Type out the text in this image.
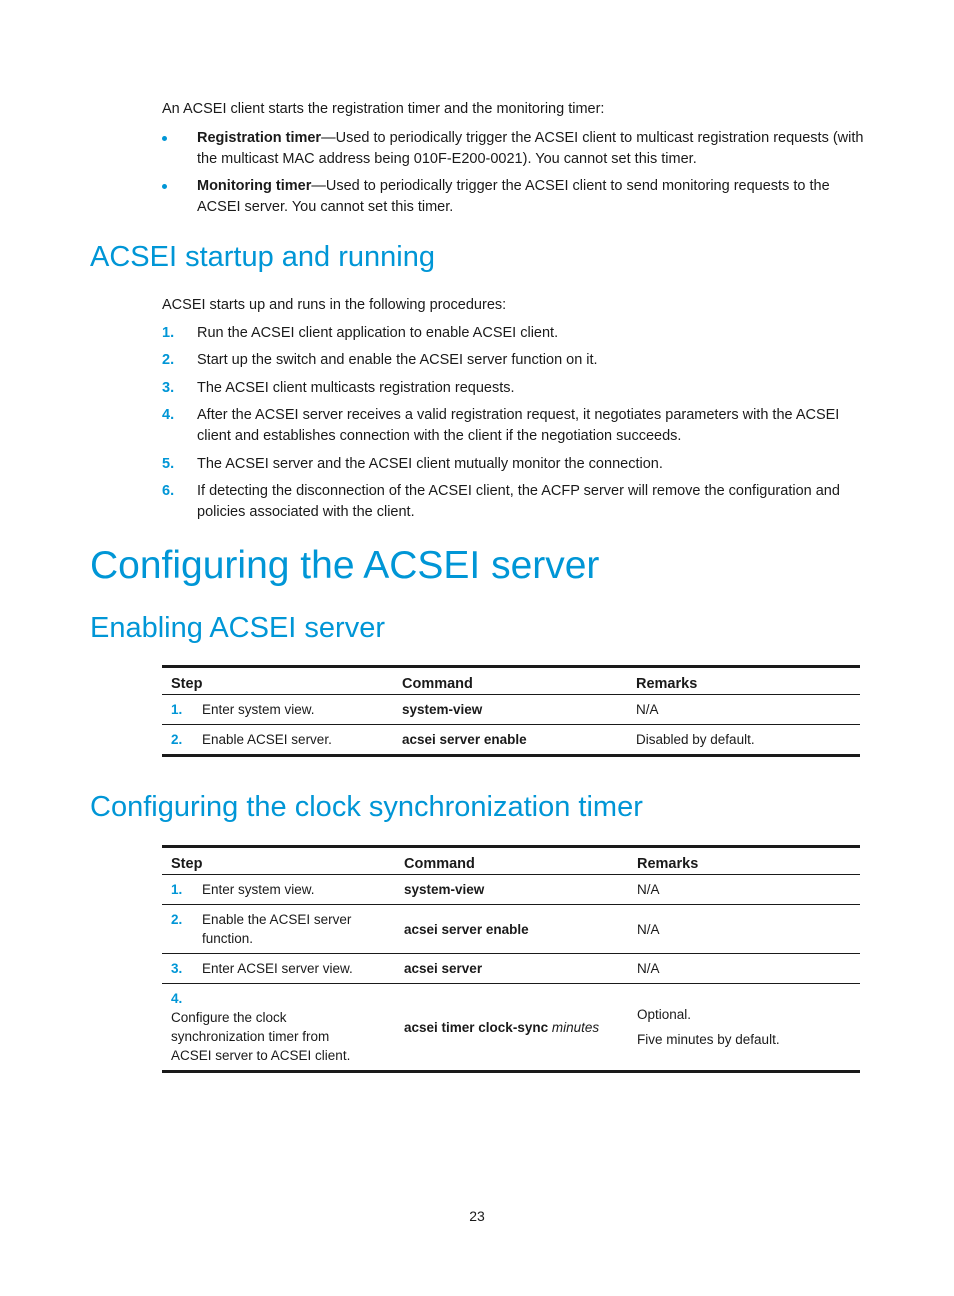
An ACSEI client starts the registration timer and the monitoring timer:
Registration timer—Used to periodically trigger the ACSEI client to multicast registration requests (with the multicast MAC address being 010F-E200-0021). You cannot set this timer.
Monitoring timer—Used to periodically trigger the ACSEI client to send monitoring requests to the ACSEI server. You cannot set this timer.
ACSEI startup and running
ACSEI starts up and runs in the following procedures:
1. Run the ACSEI client application to enable ACSEI client.
2. Start up the switch and enable the ACSEI server function on it.
3. The ACSEI client multicasts registration requests.
4. After the ACSEI server receives a valid registration request, it negotiates parameters with the ACSEI client and establishes connection with the client if the negotiation succeeds.
5. The ACSEI server and the ACSEI client mutually monitor the connection.
6. If detecting the disconnection of the ACSEI client, the ACFP server will remove the configuration and policies associated with the client.
Configuring the ACSEI server
Enabling ACSEI server
Step	Command	Remarks
1. Enter system view.	system-view	N/A
2. Enable ACSEI server.	acsei server enable	Disabled by default.
Configuring the clock synchronization timer
Step	Command	Remarks
1. Enter system view.	system-view	N/A
2. Enable the ACSEI server function.	acsei server enable	N/A
3. Enter ACSEI server view.	acsei server	N/A
4.Configure the clock synchronization timer from ACSEI server to ACSEI client.	acsei timer clock-sync minutes	Optional.
Five minutes by default.
23
